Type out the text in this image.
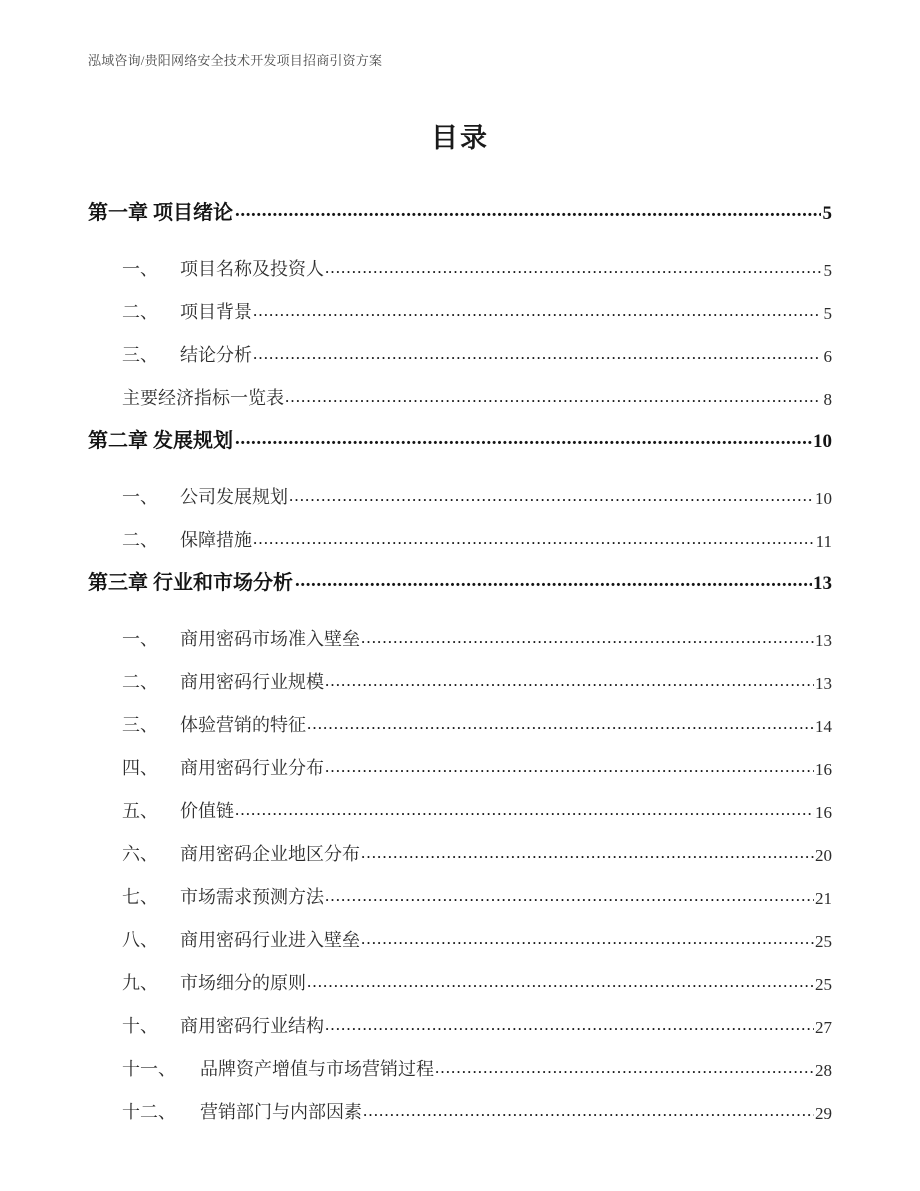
泓域咨询/贵阳网络安全技术开发项目招商引资方案
目录
第一章 项目绪论 .....	5
一、	项目名称及投资人 .....	5
二、	项目背景 .....	5
三、	结论分析 .....	6
主要经济指标一览表 .....	8
第二章 发展规划 .....	10
一、	公司发展规划 .....	10
二、	保障措施 .....	11
第三章 行业和市场分析 .....	13
一、	商用密码市场准入壁垒 .....	13
二、	商用密码行业规模 .....	13
三、	体验营销的特征 .....	14
四、	商用密码行业分布 .....	16
五、	价值链 .....	16
六、	商用密码企业地区分布 .....	20
七、	市场需求预测方法 .....	21
八、	商用密码行业进入壁垒 .....	25
九、	市场细分的原则 .....	25
十、	商用密码行业结构 .....	27
十一、	品牌资产增值与市场营销过程 .....	28
十二、	营销部门与内部因素 .....	29
